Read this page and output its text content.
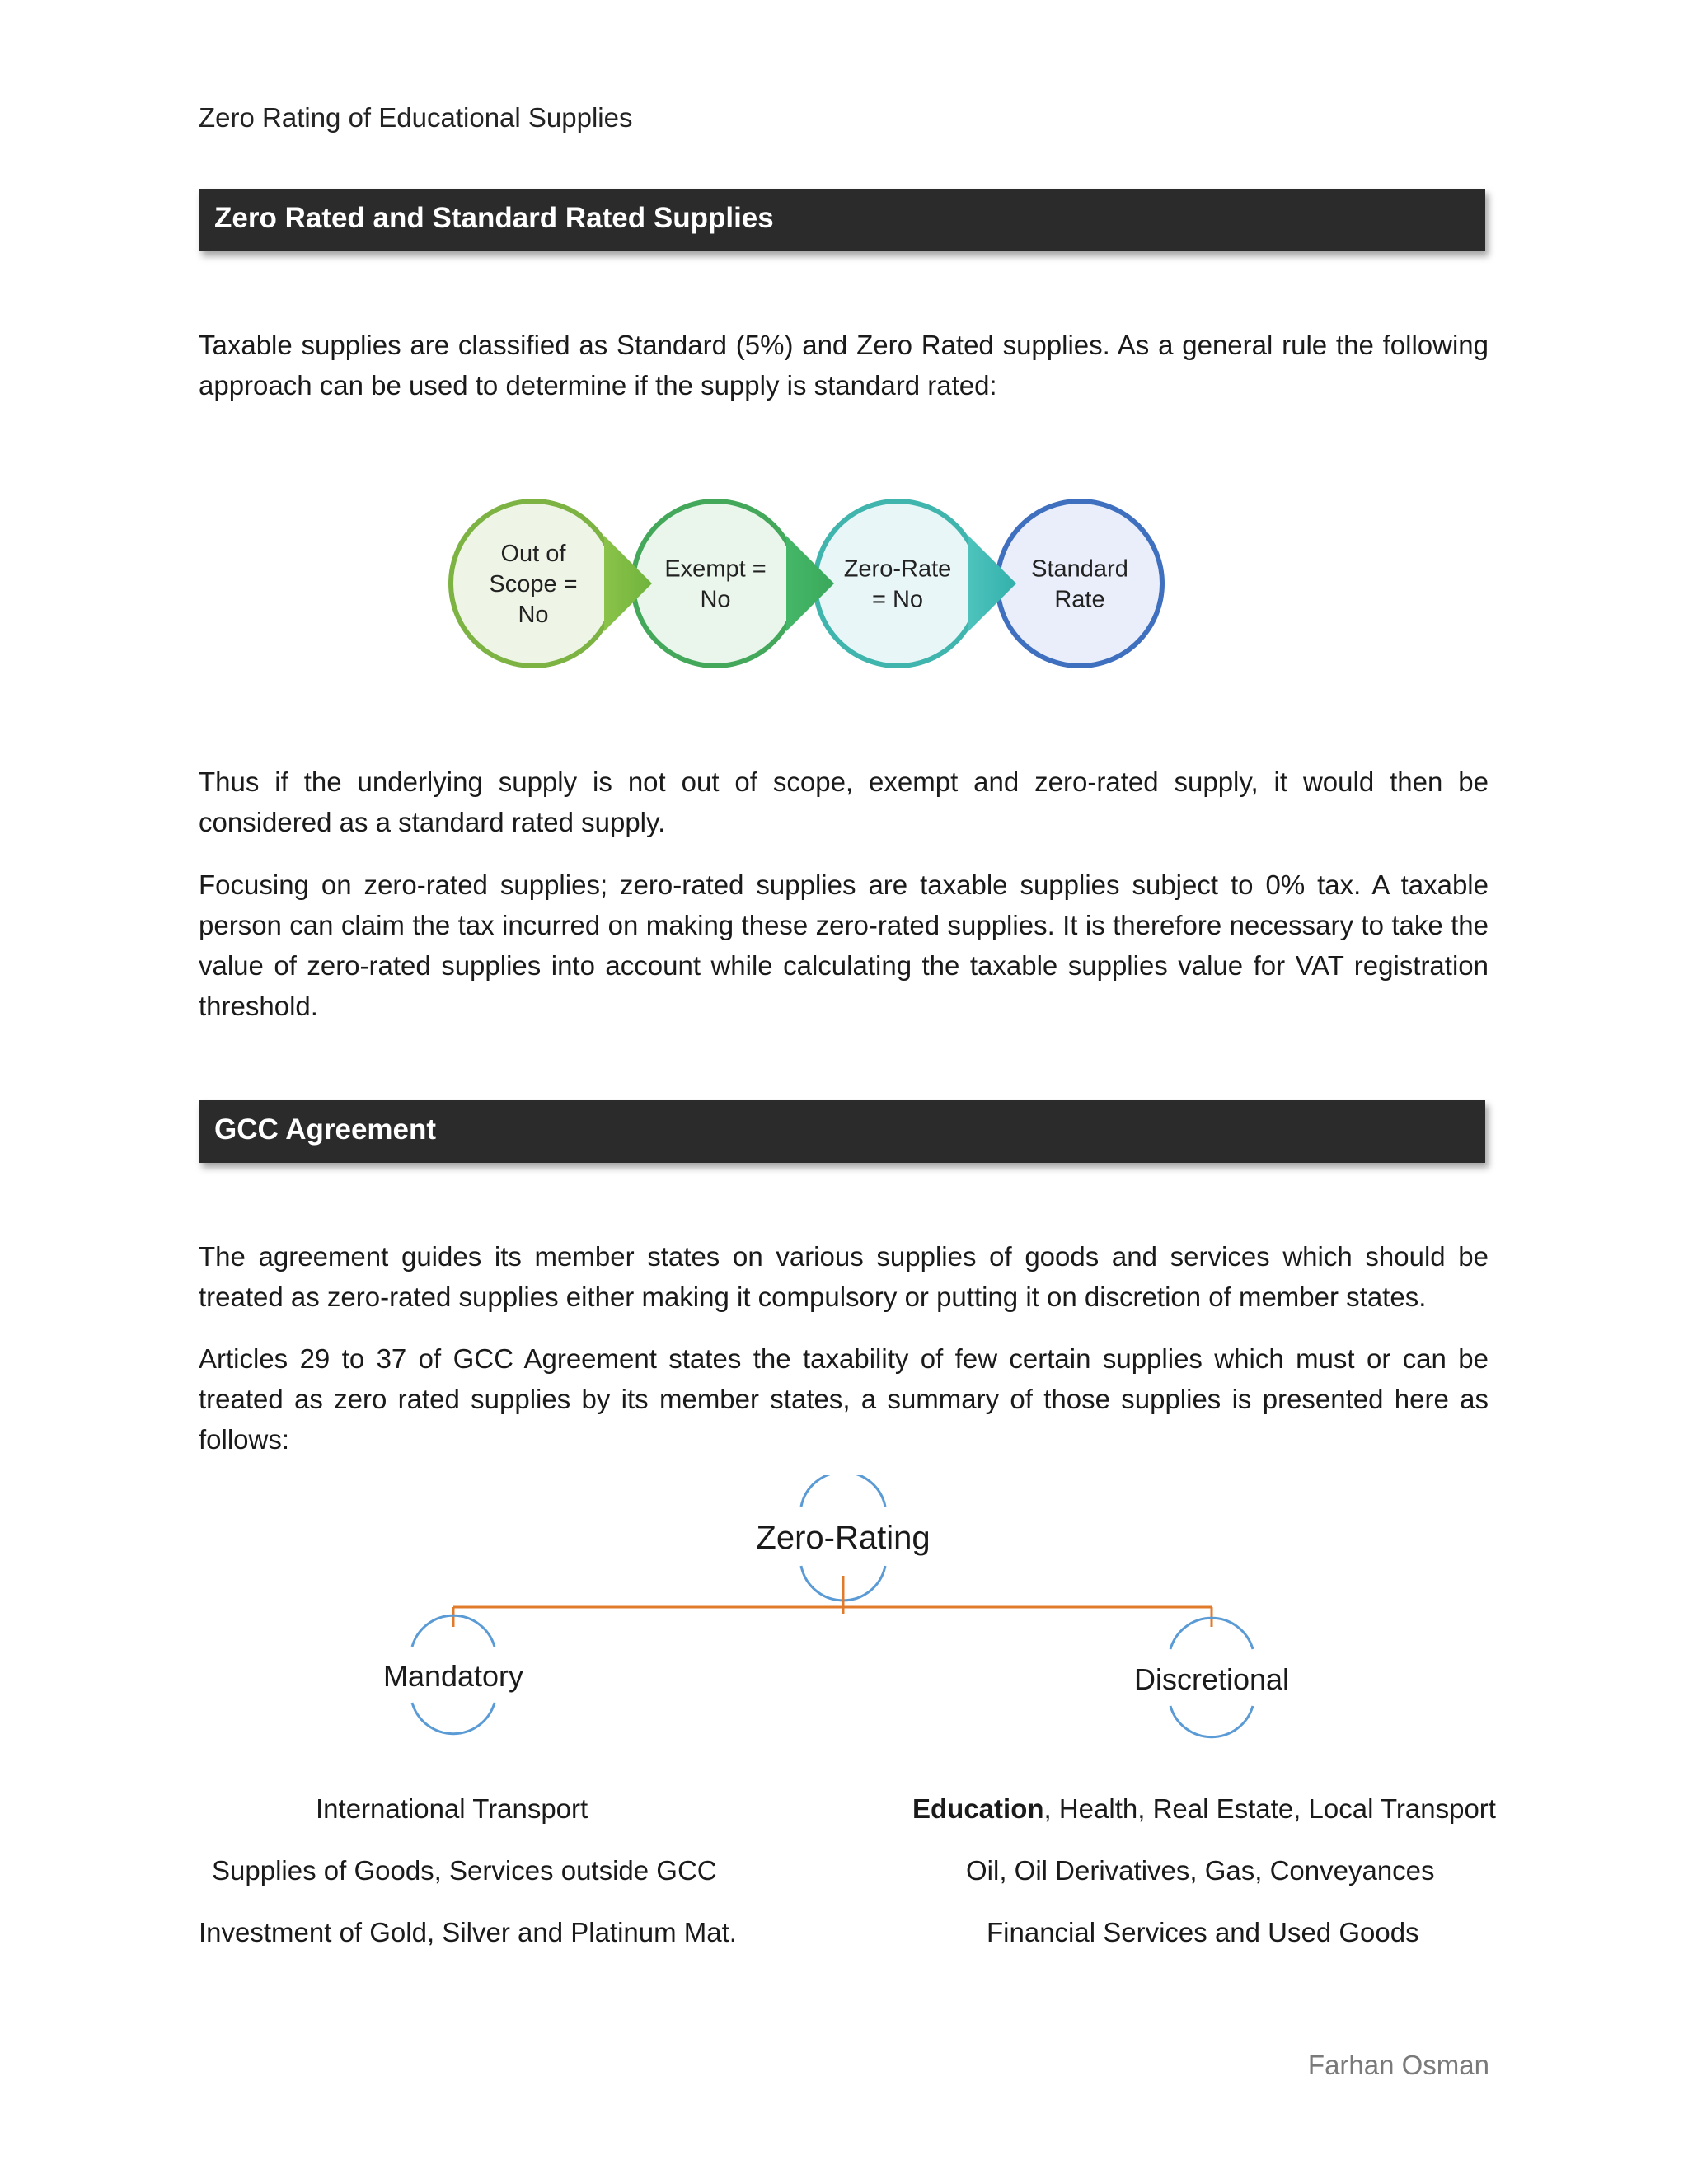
Zero Rating of Educational Supplies
Zero Rated and Standard Rated Supplies

Taxable supplies are classified as Standard (5%) and Zero Rated supplies. As a general rule the following approach can be used to determine if the supply is standard rated:

Out of
Scope =
No
Exempt =
No
Zero-Rate
= No
Standard
Rate

Thus if the underlying supply is not out of scope, exempt and zero-rated supply, it would then be considered as a standard rated supply.

Focusing on zero-rated supplies; zero-rated supplies are taxable supplies subject to 0% tax. A taxable person can claim the tax incurred on making these zero-rated supplies. It is therefore necessary to take the value of zero-rated supplies into account while calculating the taxable supplies value for VAT registration threshold.

GCC Agreement

The agreement guides its member states on various supplies of goods and services which should be treated as zero-rated supplies either making it compulsory or putting it on discretion of member states.

Articles 29 to 37 of GCC Agreement states the taxability of few certain supplies which must or can be treated as zero rated supplies by its member states, a summary of those supplies is presented here as follows:

Zero-Rating
Mandatory	Discretional
International Transport
Supplies of Goods, Services outside GCC
Investment of Gold, Silver and Platinum Mat.
Education, Health, Real Estate, Local Transport
Oil, Oil Derivatives, Gas, Conveyances
Financial Services and Used Goods
Farhan Osman
